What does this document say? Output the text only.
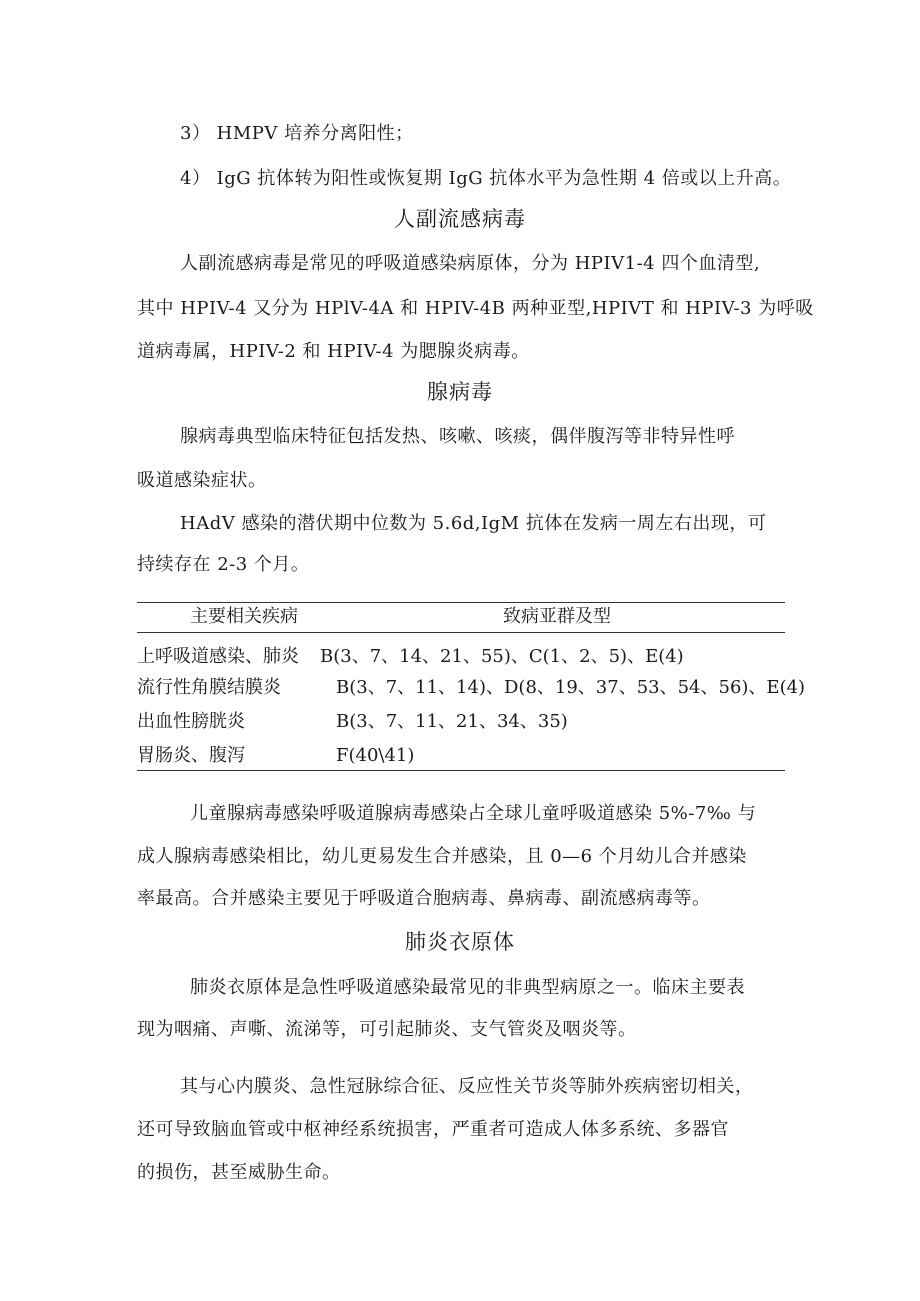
3） HMPV 培养分离阳性；
4） IgG 抗体转为阳性或恢复期 IgG 抗体水平为急性期 4 倍或以上升高。
人副流感病毒
人副流感病毒是常见的呼吸道感染病原体，分为 HPIV1-4 四个血清型,
其中 HPIV-4 又分为 HPlV-4A 和 HPIV-4B 两种亚型,HPIVT 和 HPIV-3 为呼吸
道病毒属，HPIV-2 和 HPIV-4 为腮腺炎病毒。
腺病毒
腺病毒典型临床特征包括发热、咳嗽、咳痰，偶伴腹泻等非特异性呼
吸道感染症状。
HAdV 感染的潜伏期中位数为 5.6d,IgM 抗体在发病一周左右出现，可
持续存在 2-3 个月。
主要相关疾病	致病亚群及型
上呼吸道感染、肺炎 B(3、7、14、21、55)、C(1、2、5)、E(4)
流行性角膜结膜炎	B(3、7、11、14)、D(8、19、37、53、54、56)、E(4)
出血性膀胱炎	B(3、7、11、21、34、35)
胃肠炎、腹泻	F(40\41)
儿童腺病毒感染呼吸道腺病毒感染占全球儿童呼吸道感染 5%-7‰ 与
成人腺病毒感染相比，幼儿更易发生合并感染，且 0—6 个月幼儿合并感染
率最高。合并感染主要见于呼吸道合胞病毒、鼻病毒、副流感病毒等。
肺炎衣原体
肺炎衣原体是急性呼吸道感染最常见的非典型病原之一。临床主要表
现为咽痛、声嘶、流涕等，可引起肺炎、支气管炎及咽炎等。
其与心内膜炎、急性冠脉综合征、反应性关节炎等肺外疾病密切相关，
还可导致脑血管或中枢神经系统损害，严重者可造成人体多系统、多器官
的损伤，甚至威胁生命。
